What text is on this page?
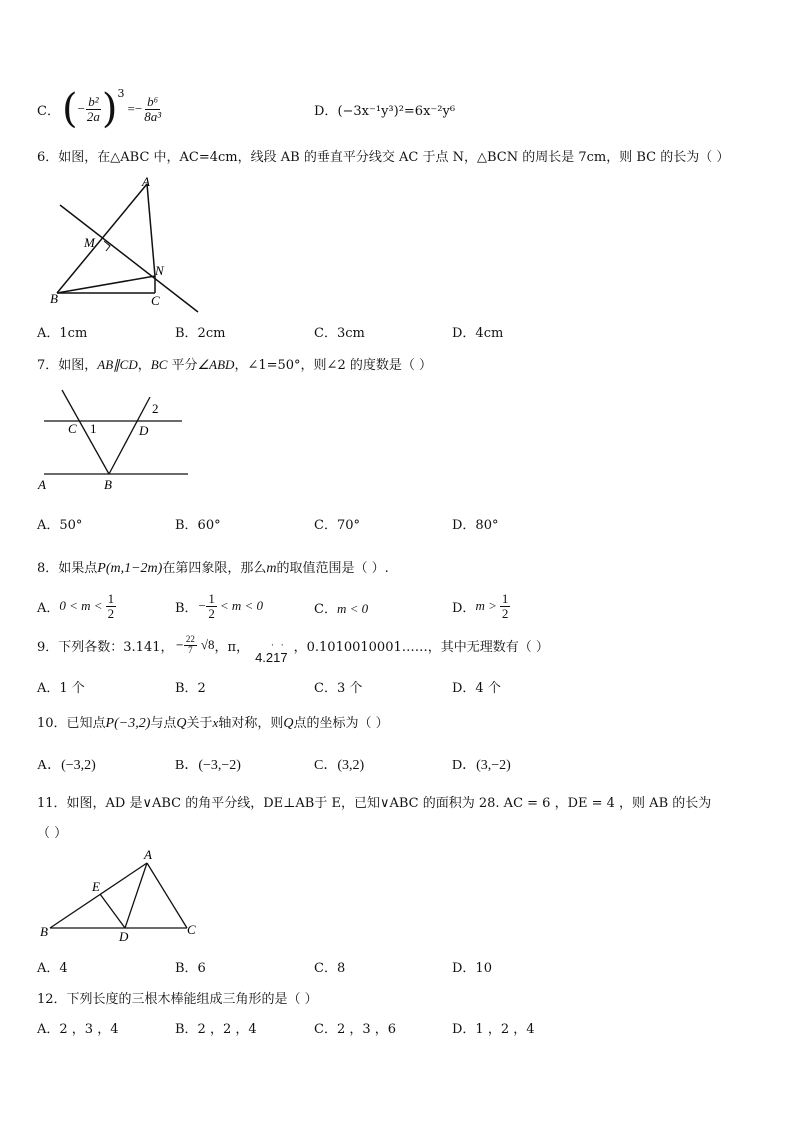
C． ( − $\frac{\text{b²}}{2a}$ ) 3
=− $\frac{\text{b⁶}}{\text{8a³}}$	D．(−3x⁻¹y³)²=6x⁻²y⁶
6．如图，在△ABC 中，AC=4cm，线段 AB 的垂直平分线交 AC 于点 N，△BCN 的周长是 7cm，则 BC 的长为（ ）
A
B	C
M
N
A．1cm	B．2cm	C．3cm	D．4cm
7．如图，AB∥CD，BC 平分∠ABD，∠1=50°，则∠2 的度数是（ ）
C 1	D
2
A	B
A．50°	B．60°	C．70°	D．80°
8．如果点P(m,1−2m)在第四象限，那么m的取值范围是（ ）.
A． $0 < m < \frac{1}{2}$	B． − $\frac{1}{2} < m < 0$	C．m < 0	D． $m > \frac{1}{2}$
9．下列各数：3.141， − $\frac{22}{7} √8$ ，π， · ·
4.217
，0.1010010001……，其中无理数有（ ）
A．1 个	B．2	C．3 个	D．4 个
10．已知点P(−3,2)与点Q关于x轴对称，则Q点的坐标为（ ）
A．(−3,2)	B．(−3,−2)	C．(3,2)	D．(3,−2)
11．如图，AD 是∨ABC 的角平分线，DE⊥AB于 E，已知∨ABC 的面积为 28. AC = 6 ，DE = 4 ，则 AB 的长为
（ ）
A
E
B	D	C
A．4	B．6	C．8	D．10
12．下列长度的三根木棒能组成三角形的是（ ）
A．2 ，3 ，4	B．2 ，2 ，4	C．2 ，3 ，6	D．1 ，2 ，4
